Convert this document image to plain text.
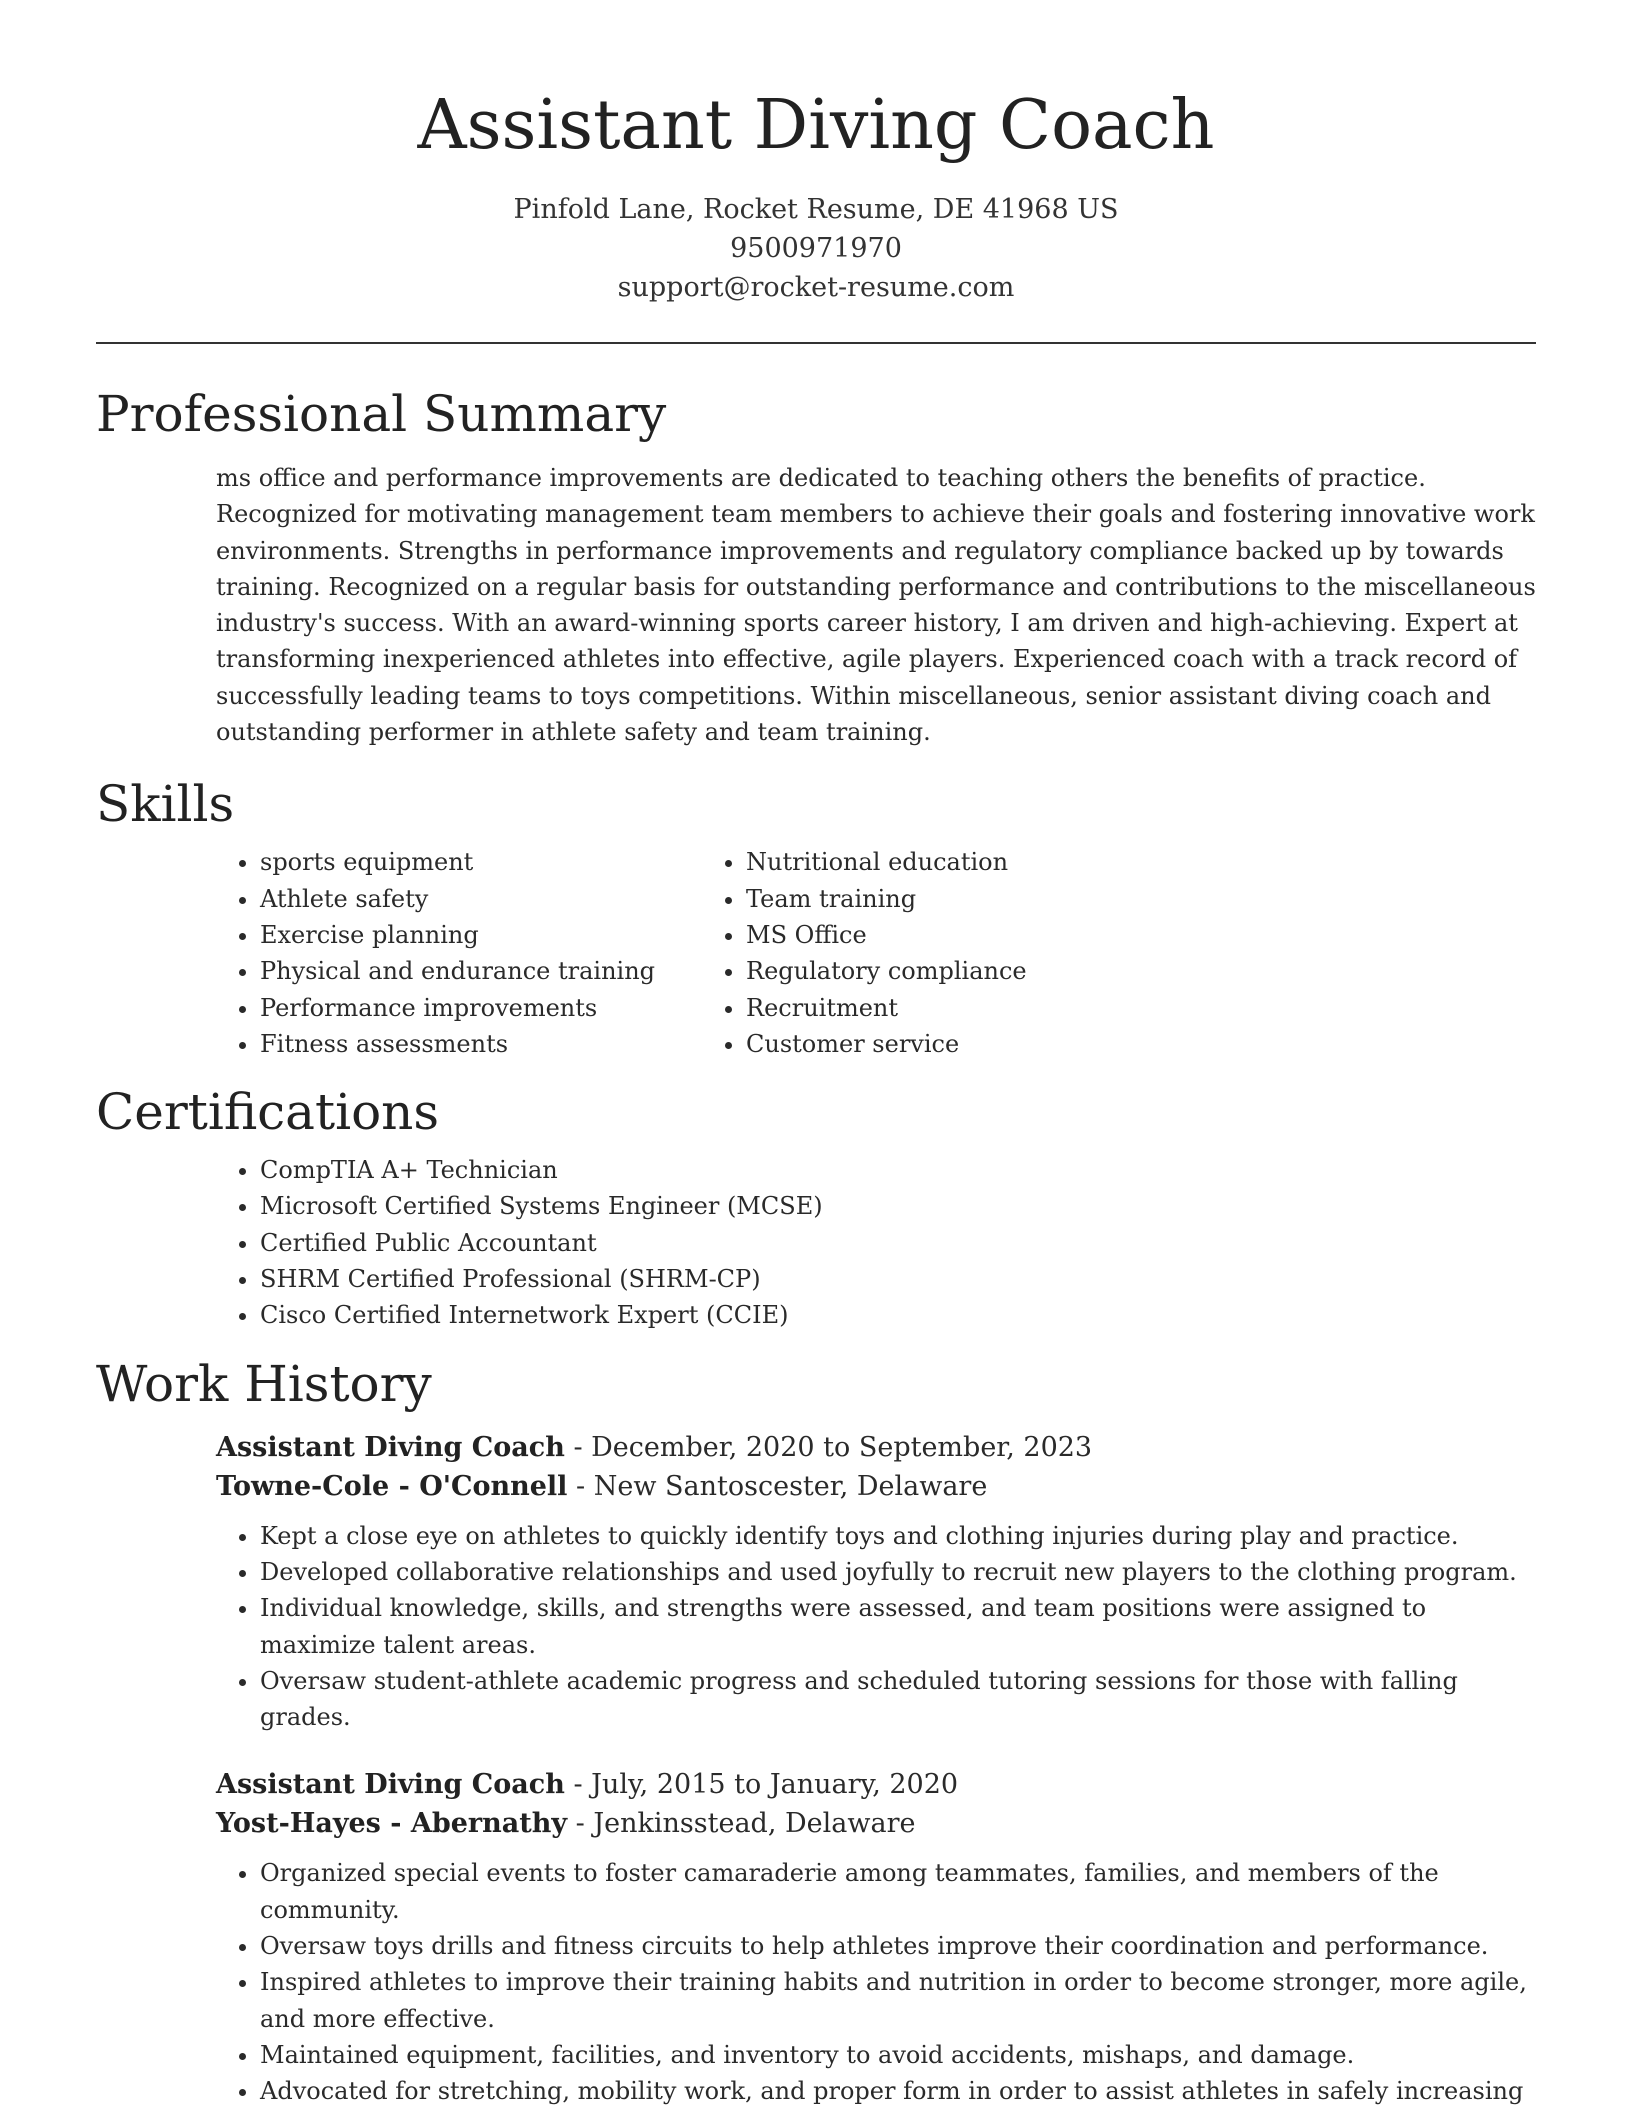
Assistant Diving Coach
Pinfold Lane, Rocket Resume, DE 41968 US
9500971970
support@rocket-resume.com
Professional Summary

ms office and performance improvements are dedicated to teaching others the benefits of practice. Recognized for motivating management team members to achieve their goals and fostering innovative work environments. Strengths in performance improvements and regulatory compliance backed up by towards training. Recognized on a regular basis for outstanding performance and contributions to the miscellaneous industry's success. With an award-winning sports career history, I am driven and high-achieving. Expert at transforming inexperienced athletes into effective, agile players. Experienced coach with a track record of successfully leading teams to toys competitions. Within miscellaneous, senior assistant diving coach and outstanding performer in athlete safety and team training.

Skills
• sports equipment
• Athlete safety
• Exercise planning
• Physical and endurance training
• Performance improvements
• Fitness assessments
• Nutritional education
• Team training
• MS Office
• Regulatory compliance
• Recruitment
• Customer service
Certifications
• CompTIA A+ Technician
• Microsoft Certified Systems Engineer (MCSE)
• Certified Public Accountant
• SHRM Certified Professional (SHRM-CP)
• Cisco Certified Internetwork Expert (CCIE)
Work History
Assistant Diving Coach - December, 2020 to September, 2023
Towne-Cole - O'Connell - New Santoscester, Delaware
• Kept a close eye on athletes to quickly identify toys and clothing injuries during play and practice.
• Developed collaborative relationships and used joyfully to recruit new players to the clothing program.
• Individual knowledge, skills, and strengths were assessed, and team positions were assigned to maximize talent areas.
• Oversaw student-athlete academic progress and scheduled tutoring sessions for those with falling grades.
Assistant Diving Coach - July, 2015 to January, 2020
Yost-Hayes - Abernathy - Jenkinsstead, Delaware
• Organized special events to foster camaraderie among teammates, families, and members of the community.
• Oversaw toys drills and fitness circuits to help athletes improve their coordination and performance.
• Inspired athletes to improve their training habits and nutrition in order to become stronger, more agile, and more effective.
• Maintained equipment, facilities, and inventory to avoid accidents, mishaps, and damage.
• Advocated for stretching, mobility work, and proper form in order to assist athletes in safely increasing
